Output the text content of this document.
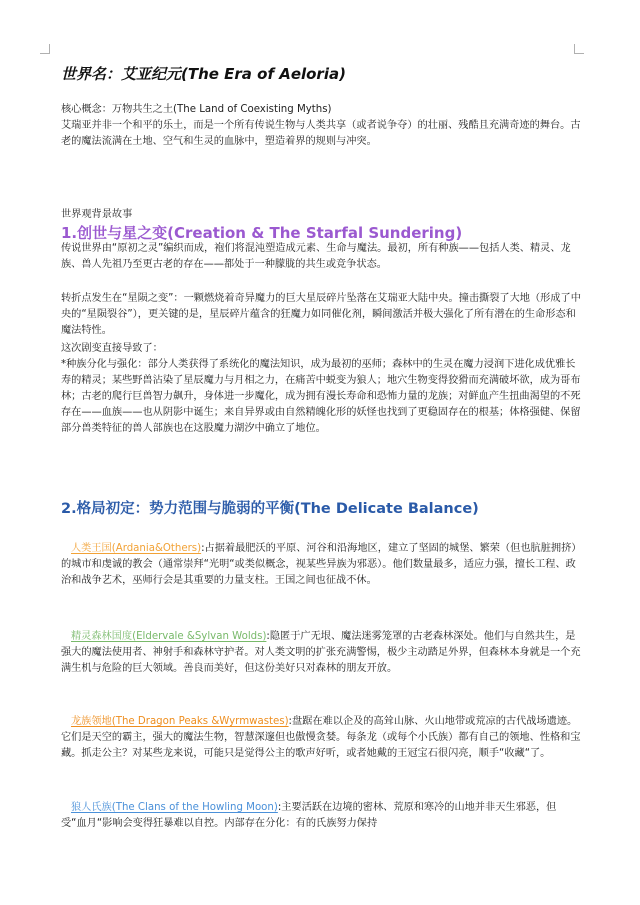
世界名：艾亚纪元(The Era of Aeloria)
核心概念：万物共生之土(The Land of Coexisting Myths)
艾瑞亚并非一个和平的乐土，而是一个所有传说生物与人类共享（或者说争夺）的壮丽、残酷且充满奇迹的舞台。古老的魔法流满在土地、空气和生灵的血脉中，塑造着界的规则与冲突。
世界观背景故事
1.创世与星之变(Creation & The Starfal Sundering)
传说世界由“原初之灵”编织而成，袍们将混沌塑造成元素、生命与魔法。最初，所有种族——包括人类、精灵、龙族、兽人先祖乃至更古老的存在——都处于一种朦胧的共生或竞争状态。
转折点发生在“星陨之变”：一颗燃烧着奇异魔力的巨大星辰碎片坠落在艾瑞亚大陆中央。撞击撕裂了大地（形成了中央的“星陨裂谷”），更关键的是，星辰碎片蕴含的狂魔力如同催化剂，瞬间激活并极大强化了所有潜在的生命形态和魔法特性。
这次剧变直接导致了：
*种族分化与强化：部分人类获得了系统化的魔法知识，成为最初的巫师；森林中的生灵在魔力浸润下进化成优雅长寿的精灵；某些野兽沾染了星辰魔力与月相之力，在痛苦中蜕变为狼人；地穴生物变得狡猾而充满破坏欲，成为哥布林；古老的爬行巨兽智力飙升，身体进一步魔化，成为拥有漫长寿命和恐怖力量的龙族；对鲜血产生扭曲渴望的不死存在——血族——也从阴影中诞生；来自异界或由自然精魄化形的妖怪也找到了更稳固存在的根基；体格强健、保留部分兽类特征的兽人部族也在这股魔力湖汐中确立了地位。
2.格局初定：势力范围与脆弱的平衡(The Delicate Balance)
人类王国(Ardania&Others):占据着最肥沃的平原、河谷和沿海地区，建立了坚固的城堡、繁荣（但也肮脏拥挤）的城市和虔诚的教会（通常崇拜“光明“或类似概念，视某些异族为邪恶）。他们数量最多，适应力强，擅长工程、政治和战争艺术，巫师行会是其重要的力量支柱。王国之间也征战不休。
精灵森林国度(Eldervale &Sylvan Wolds):隐匿于广无垠、魔法迷雾笼罩的古老森林深处。他们与自然共生，是强大的魔法使用者、神射手和森林守护者。对人类文明的扩张充满警惕，极少主动踏足外界，但森林本身就是一个充满生机与危险的巨大领域。善良而美好，但这份美好只对森林的朋友开放。
龙族领地(The Dragon Peaks &Wyrmwastes):盘踞在难以企及的高耸山脉、火山地带或荒凉的古代战场遗迹。它们是天空的霸主，强大的魔法生物，智慧深邃但也傲慢贪婪。每条龙（或每个小氏族）都有自己的领地、性格和宝藏。抓走公主？对某些龙来说，可能只是觉得公主的歌声好听，或者她戴的王冠宝石很闪亮，顺手“收藏“了。
狼人氏族(The Clans of the Howling Moon):主要活跃在边境的密林、荒原和寒冷的山地并非天生邪恶，但受“血月“影响会变得狂暴难以自控。内部存在分化：有的氏族努力保持
